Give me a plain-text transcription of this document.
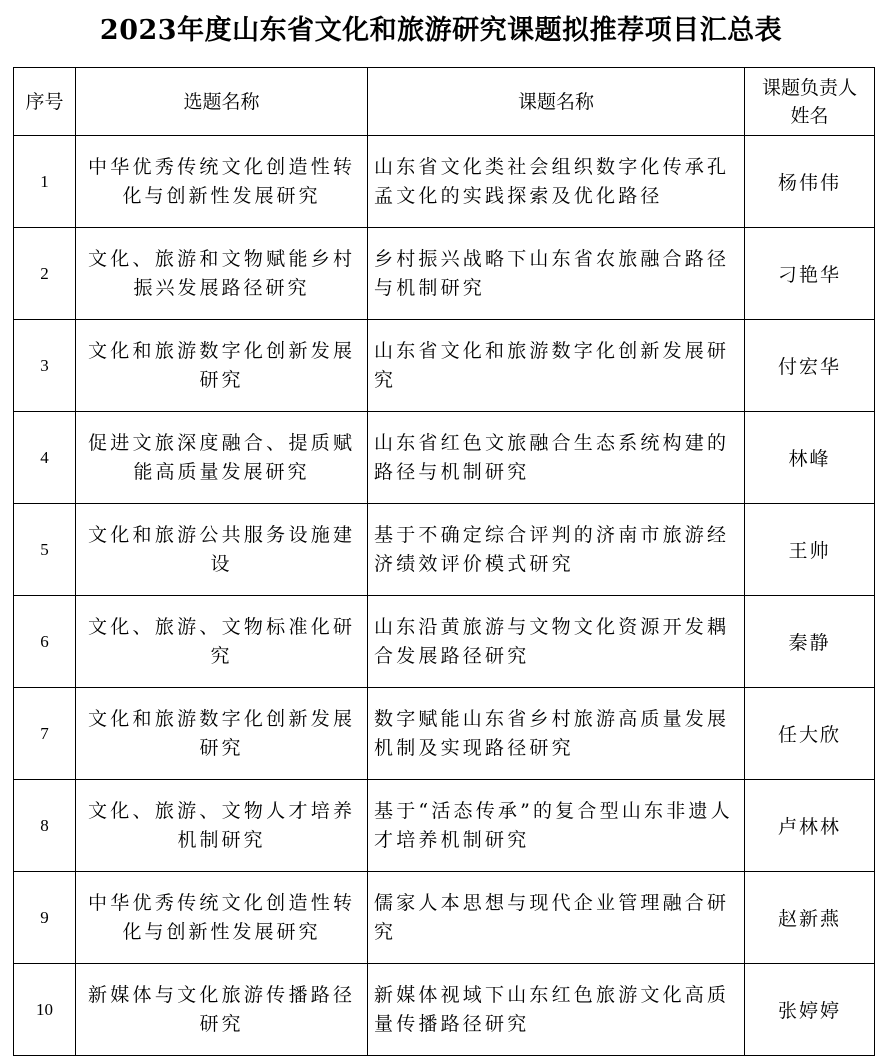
2023年度山东省文化和旅游研究课题拟推荐项目汇总表
序号	选题名称	课题名称	课题负责人
姓名

1	中华优秀传统文化创造性转化与创新性发展研究	山东省文化类社会组织数字化传承孔孟文化的实践探索及优化路径	杨伟伟
2	文化、旅游和文物赋能乡村振兴发展路径研究	乡村振兴战略下山东省农旅融合路径与机制研究	刁艳华
3	文化和旅游数字化创新发展研究	山东省文化和旅游数字化创新发展研究	付宏华
4	促进文旅深度融合、提质赋能高质量发展研究	山东省红色文旅融合生态系统构建的路径与机制研究	林峰
5	文化和旅游公共服务设施建设	基于不确定综合评判的济南市旅游经济绩效评价模式研究	王帅
6	文化、旅游、文物标准化研究	山东沿黄旅游与文物文化资源开发耦合发展路径研究	秦静
7	文化和旅游数字化创新发展研究	数字赋能山东省乡村旅游高质量发展机制及实现路径研究	任大欣
8	文化、旅游、文物人才培养机制研究	基于“活态传承”的复合型山东非遗人才培养机制研究	卢林林
9	中华优秀传统文化创造性转化与创新性发展研究	儒家人本思想与现代企业管理融合研究	赵新燕
10	新媒体与文化旅游传播路径研究	新媒体视域下山东红色旅游文化高质量传播路径研究	张婷婷
